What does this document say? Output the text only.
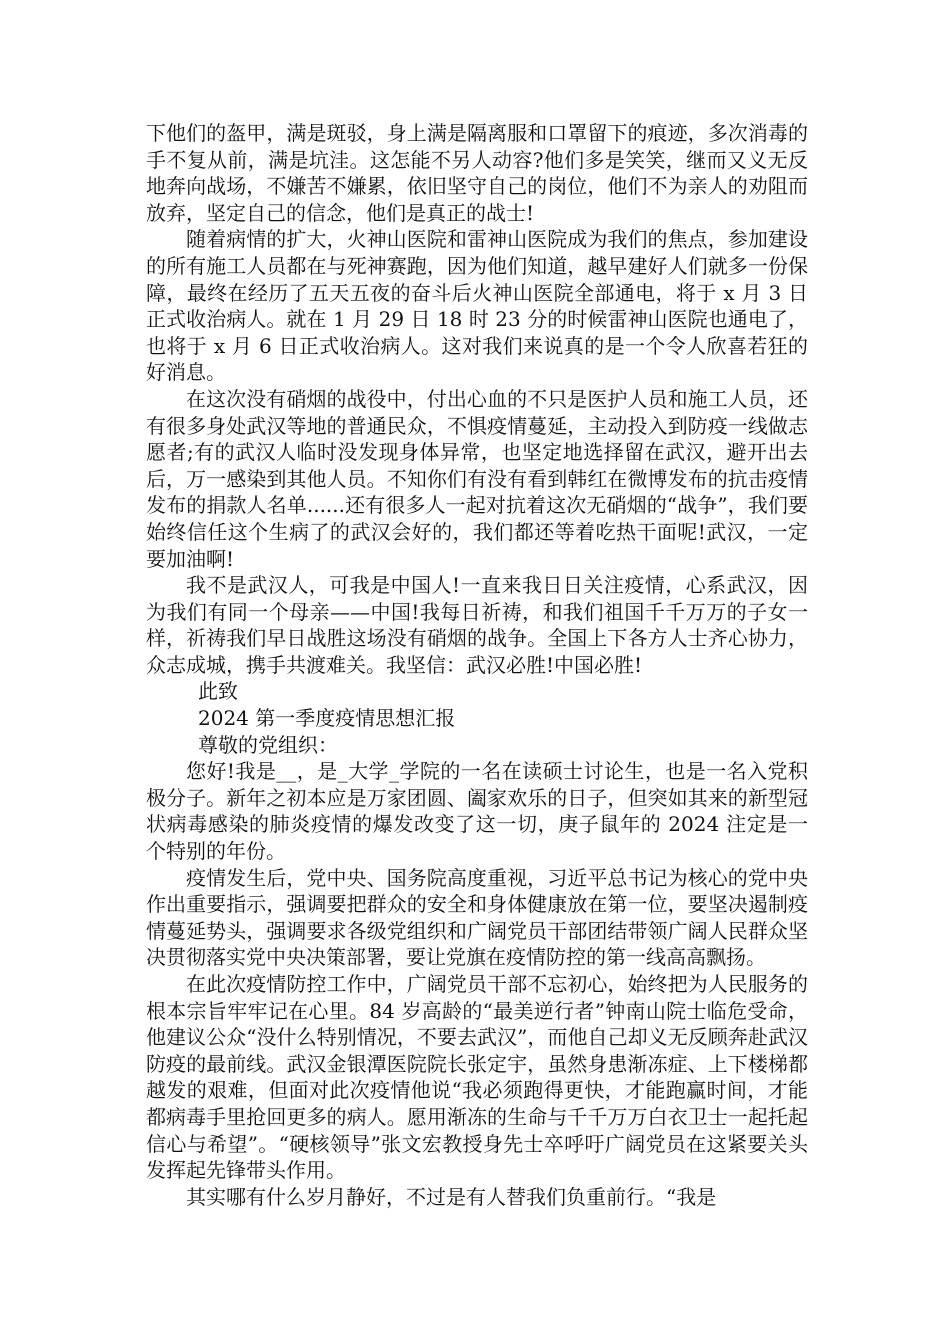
下他们的盔甲，满是斑驳，身上满是隔离服和口罩留下的痕迹，多次消毒的手不复从前，满是坑洼。这怎能不另人动容?他们多是笑笑，继而又义无反地奔向战场，不嫌苦不嫌累，依旧坚守自己的岗位，他们不为亲人的劝阻而放弃，坚定自己的信念，他们是真正的战士!

随着病情的扩大，火神山医院和雷神山医院成为我们的焦点，参加建设的所有施工人员都在与死神赛跑，因为他们知道，越早建好人们就多一份保障，最终在经历了五天五夜的奋斗后火神山医院全部通电，将于 x 月 3 日正式收治病人。就在 1 月 29 日 18 时 23 分的时候雷神山医院也通电了，也将于 x 月 6 日正式收治病人。这对我们来说真的是一个令人欣喜若狂的好消息。

在这次没有硝烟的战役中，付出心血的不只是医护人员和施工人员，还有很多身处武汉等地的普通民众，不惧疫情蔓延，主动投入到防疫一线做志愿者;有的武汉人临时没发现身体异常，也坚定地选择留在武汉，避开出去后，万一感染到其他人员。不知你们有没有看到韩红在微博发布的抗击疫情发布的捐款人名单......还有很多人一起对抗着这次无硝烟的“战争”，我们要始终信任这个生病了的武汉会好的，我们都还等着吃热干面呢!武汉，一定要加油啊!

我不是武汉人，可我是中国人!一直来我日日关注疫情，心系武汉，因为我们有同一个母亲——中国!我每日祈祷，和我们祖国千千万万的子女一样，祈祷我们早日战胜这场没有硝烟的战争。全国上下各方人士齐心协力，众志成城，携手共渡难关。我坚信：武汉必胜!中国必胜!

此致

2024 第一季度疫情思想汇报

尊敬的党组织：

您好!我是__，是_大学_学院的一名在读硕士讨论生，也是一名入党积极分子。新年之初本应是万家团圆、阖家欢乐的日子，但突如其来的新型冠状病毒感染的肺炎疫情的爆发改变了这一切，庚子鼠年的 2024 注定是一个特别的年份。

疫情发生后，党中央、国务院高度重视，习近平总书记为核心的党中央作出重要指示，强调要把群众的安全和身体健康放在第一位，要坚决遏制疫情蔓延势头，强调要求各级党组织和广阔党员干部团结带领广阔人民群众坚决贯彻落实党中央决策部署，要让党旗在疫情防控的第一线高高飘扬。

在此次疫情防控工作中，广阔党员干部不忘初心，始终把为人民服务的根本宗旨牢牢记在心里。84 岁高龄的“最美逆行者”钟南山院士临危受命，他建议公众“没什么特别情况，不要去武汉”，而他自己却义无反顾奔赴武汉防疫的最前线。武汉金银潭医院院长张定宇，虽然身患渐冻症、上下楼梯都越发的艰难，但面对此次疫情他说“我必须跑得更快，才能跑赢时间，才能都病毒手里抢回更多的病人。愿用渐冻的生命与千千万万白衣卫士一起托起信心与希望”。“硬核领导”张文宏教授身先士卒呼吁广阔党员在这紧要关头发挥起先锋带头作用。

其实哪有什么岁月静好，不过是有人替我们负重前行。“我是
